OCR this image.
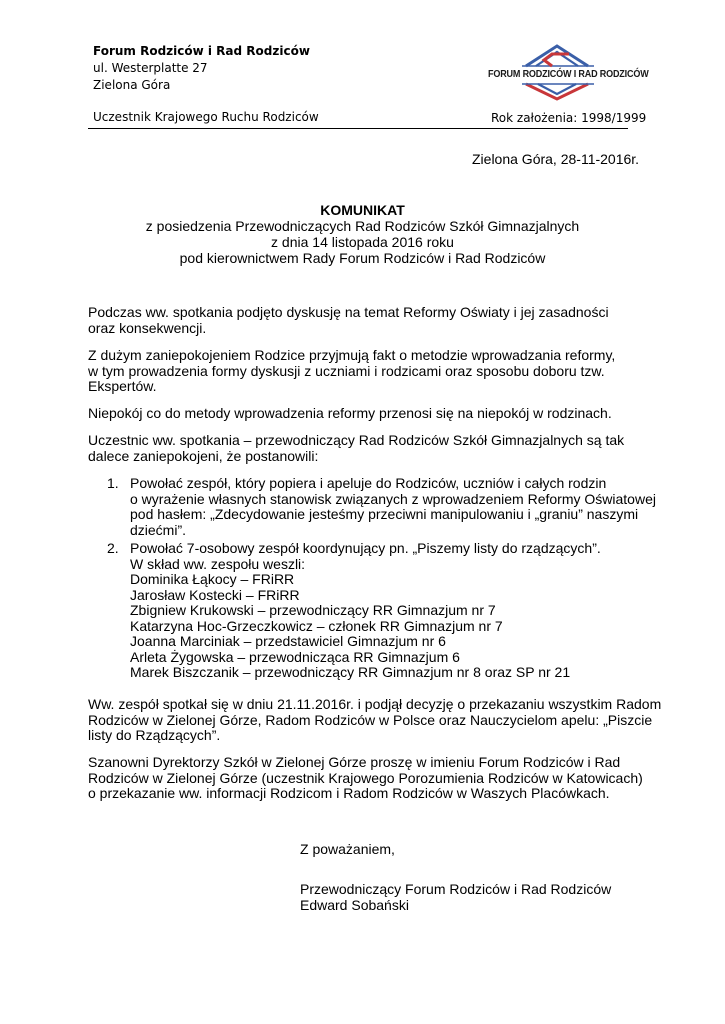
Forum Rodziców i Rad Rodziców
ul. Westerplatte 27
Zielona Góra
Uczestnik Krajowego Ruchu Rodziców	Rok założenia: 1998/1999
FORUM RODZICÓW I RAD RODZICÓW
Zielona Góra, 28-11-2016r.
KOMUNIKAT
z posiedzenia Przewodniczących Rad Rodziców Szkół Gimnazjalnych
z dnia 14 listopada 2016 roku
pod kierownictwem Rady Forum Rodziców i Rad Rodziców
Podczas ww. spotkania podjęto dyskusję na temat Reformy Oświaty i jej zasadności
oraz konsekwencji.
Z dużym zaniepokojeniem Rodzice przyjmują fakt o metodzie wprowadzania reformy,
w tym prowadzenia formy dyskusji z uczniami i rodzicami oraz sposobu doboru tzw.
Ekspertów.
Niepokój co do metody wprowadzenia reformy przenosi się na niepokój w rodzinach.
Uczestnic ww. spotkania – przewodniczący Rad Rodziców Szkół Gimnazjalnych są tak
dalece zaniepokojeni, że postanowili:
1. Powołać zespół, który popiera i apeluje do Rodziców, uczniów i całych rodzin
o wyrażenie własnych stanowisk związanych z wprowadzeniem Reformy Oświatowej
pod hasłem: „Zdecydowanie jesteśmy przeciwni manipulowaniu i „graniu” naszymi
dziećmi”.
2. Powołać 7-osobowy zespół koordynujący pn. „Piszemy listy do rządzących”.
W skład ww. zespołu weszli:
Dominika Łąkocy – FRiRR
Jarosław Kostecki – FRiRR
Zbigniew Krukowski – przewodniczący RR Gimnazjum nr 7
Katarzyna Hoc-Grzeczkowicz – członek RR Gimnazjum nr 7
Joanna Marciniak – przedstawiciel Gimnazjum nr 6
Arleta Żygowska – przewodnicząca RR Gimnazjum 6
Marek Biszczanik – przewodniczący RR Gimnazjum nr 8 oraz SP nr 21
Ww. zespół spotkał się w dniu 21.11.2016r. i podjął decyzję o przekazaniu wszystkim Radom
Rodziców w Zielonej Górze, Radom Rodziców w Polsce oraz Nauczycielom apelu: „Piszcie
listy do Rządzących”.
Szanowni Dyrektorzy Szkół w Zielonej Górze proszę w imieniu Forum Rodziców i Rad
Rodziców w Zielonej Górze (uczestnik Krajowego Porozumienia Rodziców w Katowicach)
o przekazanie ww. informacji Rodzicom i Radom Rodziców w Waszych Placówkach.
Z poważaniem,
Przewodniczący Forum Rodziców i Rad Rodziców
Edward Sobański
